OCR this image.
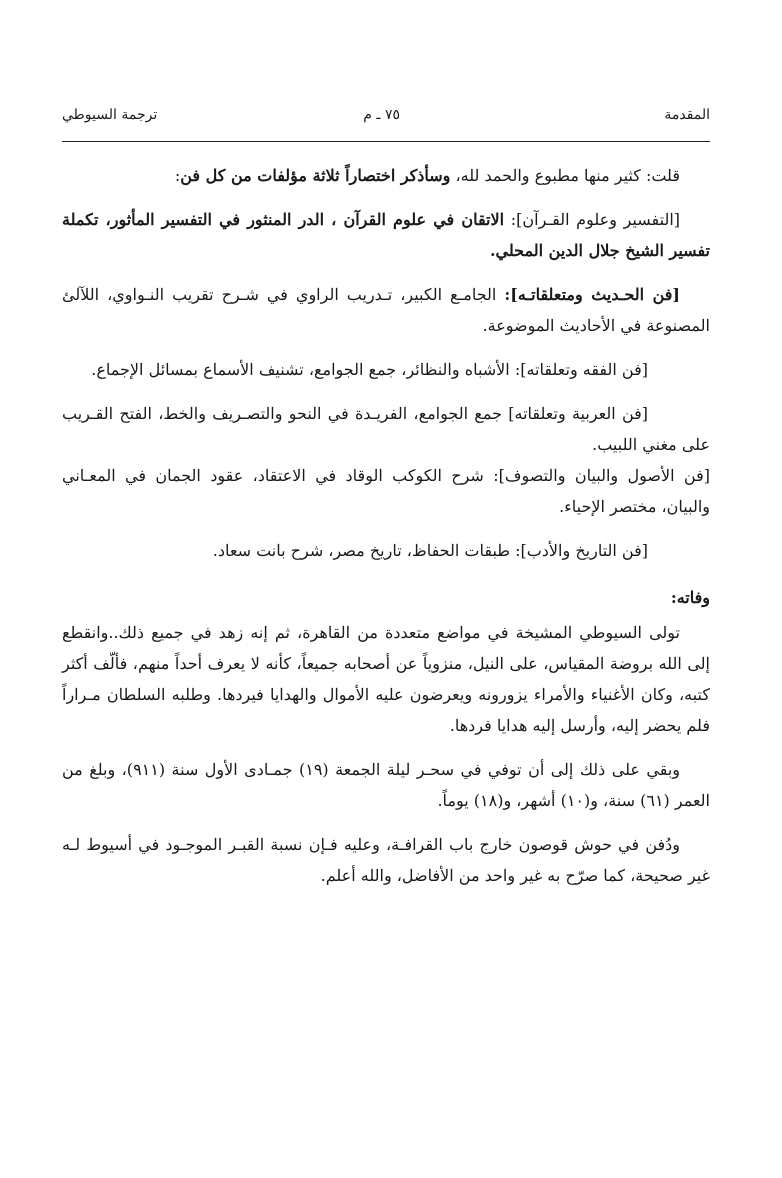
المقدمة
٧٥ ـ م
ترجمة السيوطي

قلت: كثير منها مطبوع والحمد لله، وسأذكر اختصاراً ثلاثة مؤلفات من كل فن:

[التفسير وعلوم القـرآن]: الاتقان في علوم القرآن ، الدر المنثور في التفسير المأثور، تكملة تفسير الشيخ جلال الدين المحلي.

[فن الحـديث ومتعلقاتـه]: الجامـع الكبير، تـدريب الراوي في شـرح تقريب النـواوي، اللآلئ المصنوعة في الأحاديث الموضوعة.

[فن الفقه وتعلقاته]: الأشباه والنظائر، جمع الجوامع، تشنيف الأسماع بمسائل الإجماع.

[فن العربية وتعلقاته] جمع الجوامع، الفريـدة في النحو والتصـريف والخط، الفتح القـريب على مغني اللبيب.

[فن الأصول والبيان والتصوف]: شرح الكوكب الوقاد في الاعتقاد، عقود الجمان في المعـاني والبيان، مختصر الإحياء.

[فن التاريخ والأدب]: طبقات الحفاظ، تاريخ مصر، شرح بانت سعاد.

وفاته:

تولى السيوطي المشيخة في مواضع متعددة من القاهرة، ثم إنه زهد في جميع ذلك..وانقطع إلى الله بروضة المقياس، على النيل، منزوياً عن أصحابه جميعاً، كأنه لا يعرف أحداً منهم، فألّف أكثر كتبه، وكان الأغنياء والأمراء يزورونه ويعرضون عليه الأموال والهدايا فيردها. وطلبه السلطان مـراراً فلم يحضر إليه، وأرسل إليه هدايا فردها.

وبقي على ذلك إلى أن توفي في سحـر ليلة الجمعة (١٩) جمـادى الأول سنة (٩١١)، وبلغ من العمر (٦١) سنة، و(١٠) أشهر، و(١٨) يوماً.

ودُفن في حوش قوصون خارج باب القرافـة، وعليه فـإن نسبة القبـر الموجـود في أسيوط لـه غير صحيحة، كما صرّح به غير واحد من الأفاضل، والله أعلم.
